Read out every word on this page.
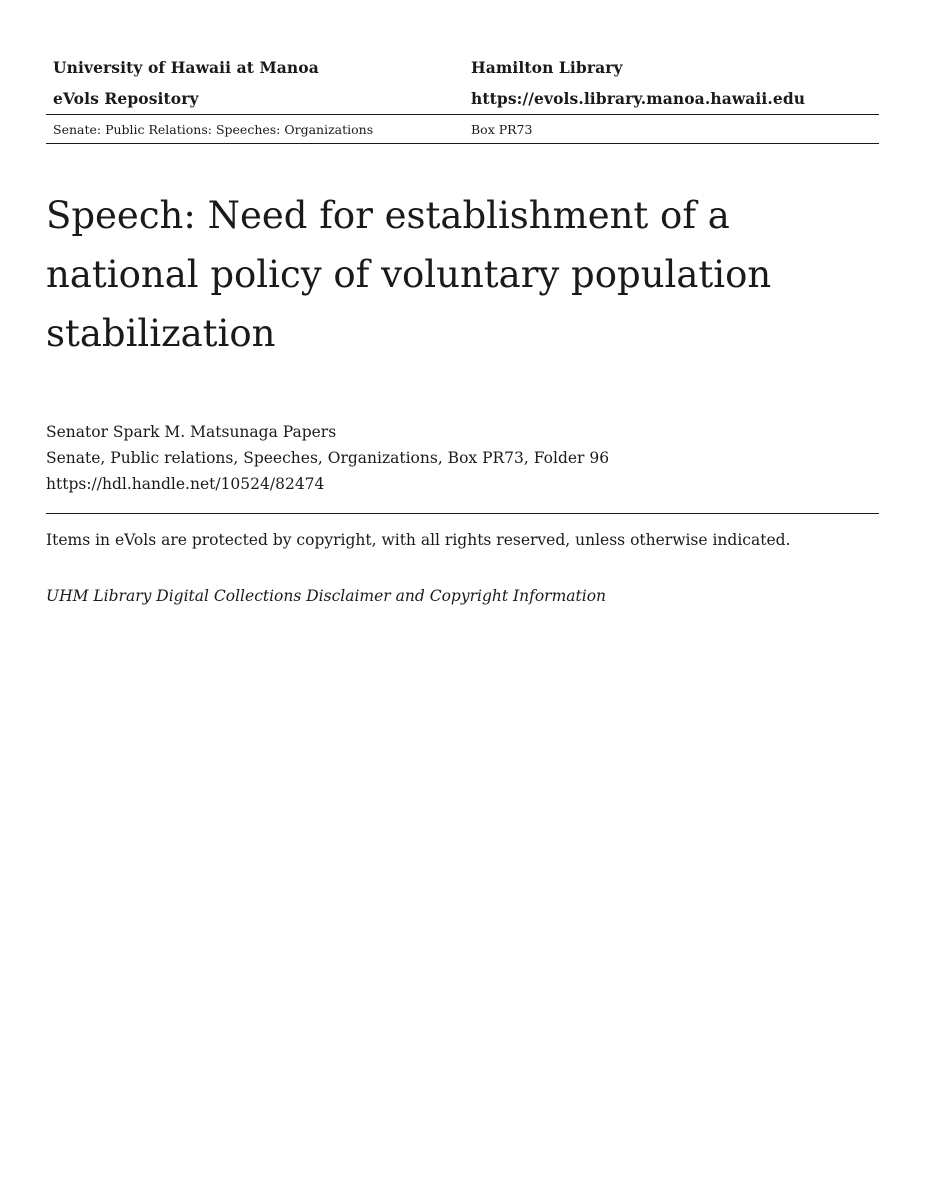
University of Hawaii at Manoa	Hamilton Library
eVols Repository	https://evols.library.manoa.hawaii.edu
Senate: Public Relations: Speeches: Organizations	Box PR73
Speech: Need for establishment of a national policy of voluntary population stabilization
Senator Spark M. Matsunaga Papers
Senate, Public relations, Speeches, Organizations, Box PR73, Folder 96
https://hdl.handle.net/10524/82474
Items in eVols are protected by copyright, with all rights reserved, unless otherwise indicated.
UHM Library Digital Collections Disclaimer and Copyright Information
